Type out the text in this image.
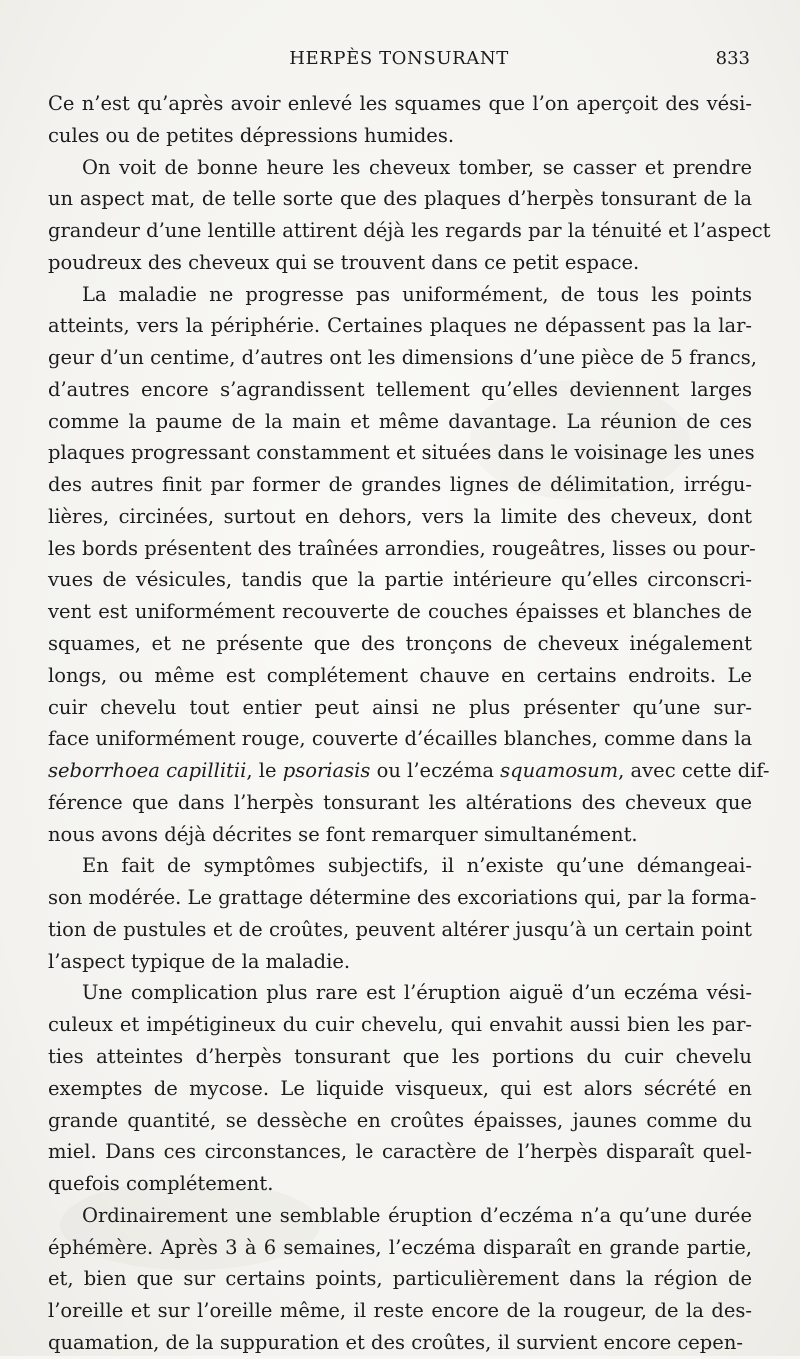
HERPÈS TONSURANT	833
Ce n’est qu’après avoir enlevé les squames que l’on aperçoit des vési-
cules ou de petites dépressions humides.
On voit de bonne heure les cheveux tomber, se casser et prendre
un aspect mat, de telle sorte que des plaques d’herpès tonsurant de la
grandeur d’une lentille attirent déjà les regards par la ténuité et l’aspect
poudreux des cheveux qui se trouvent dans ce petit espace.
La maladie ne progresse pas uniformément, de tous les points
atteints, vers la périphérie. Certaines plaques ne dépassent pas la lar-
geur d’un centime, d’autres ont les dimensions d’une pièce de 5 francs,
d’autres encore s’agrandissent tellement qu’elles deviennent larges
comme la paume de la main et même davantage. La réunion de ces
plaques progressant constamment et situées dans le voisinage les unes
des autres finit par former de grandes lignes de délimitation, irrégu-
lières, circinées, surtout en dehors, vers la limite des cheveux, dont
les bords présentent des traînées arrondies, rougeâtres, lisses ou pour-
vues de vésicules, tandis que la partie intérieure qu’elles circonscri-
vent est uniformément recouverte de couches épaisses et blanches de
squames, et ne présente que des tronçons de cheveux inégalement
longs, ou même est complétement chauve en certains endroits. Le
cuir chevelu tout entier peut ainsi ne plus présenter qu’une sur-
face uniformément rouge, couverte d’écailles blanches, comme dans la
seborrhoea capillitii, le psoriasis ou l’eczéma squamosum, avec cette dif-
férence que dans l’herpès tonsurant les altérations des cheveux que
nous avons déjà décrites se font remarquer simultanément.
En fait de symptômes subjectifs, il n’existe qu’une démangeai-
son modérée. Le grattage détermine des excoriations qui, par la forma-
tion de pustules et de croûtes, peuvent altérer jusqu’à un certain point
l’aspect typique de la maladie.
Une complication plus rare est l’éruption aiguë d’un eczéma vési-
culeux et impétigineux du cuir chevelu, qui envahit aussi bien les par-
ties atteintes d’herpès tonsurant que les portions du cuir chevelu
exemptes de mycose. Le liquide visqueux, qui est alors sécrété en
grande quantité, se dessèche en croûtes épaisses, jaunes comme du
miel. Dans ces circonstances, le caractère de l’herpès disparaît quel-
quefois complétement.
Ordinairement une semblable éruption d’eczéma n’a qu’une durée
éphémère. Après 3 à 6 semaines, l’eczéma disparaît en grande partie,
et, bien que sur certains points, particulièrement dans la région de
l’oreille et sur l’oreille même, il reste encore de la rougeur, de la des-
quamation, de la suppuration et des croûtes, il survient encore cepen-
